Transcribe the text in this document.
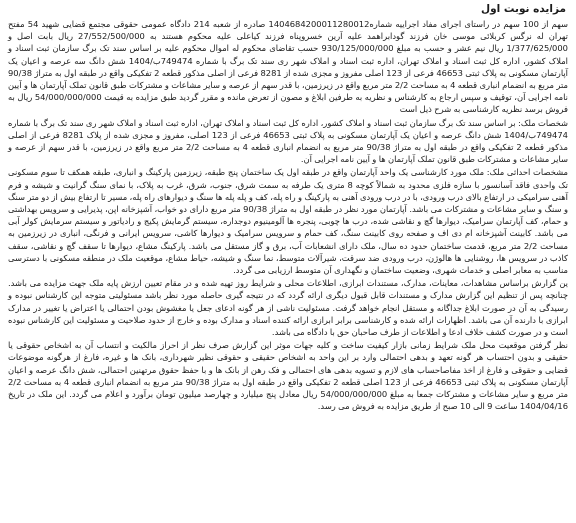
مزایده نوبت اول

سهم از 100 سهم در راستای اجرای مفاد اجراییه شماره1404684200011280012 صادره از شعبه 214 دادگاه عمومی حقوقی مجتمع قضایی شهید 54 مفتح تهران له نرگس کربلائی موسی خان فرزند گودابراهمد علیه آرین خسروپناه فرزند کیاعلی علیه محکوم هستند به 27/552/500/000 ریال بابت اصل و 1/377/625/000 ریال نیم عشر و حسب به مبلغ 930/125/000/000 حسب تقاضای محکوم له اموال محکوم علیه بر اساس سند تک برگ سازمان ثبت اسناد و املاک کشور، اداره کل ثبت اسناد و املاک تهران، اداره ثبت اسناد و املاک شهر ری سند تک برگ با شماره 749474ب/1404 شش دانگ سه عرصه و اعیان یک آپارتمان مسکونی به پلاک ثبتی 46653 فرعی از 123 اصلی مفروز و مجزی شده از 8281 فرعی از اصلی مذکور قطعه 2 تفکیکی واقع در طبقه اول به متراژ 90/38 متر مربع به انضمام انباری قطعه 4 به مساحت 2/2 متر مربع واقع در زیرزمین، با قدر سهم از عرصه و سایر مشاعات و مشترکات طبق قانون تملک آپارتمان ها و آیین نامه اجرایی آن، توقیف و سپس ارجاع به کارشناس و نظریه به طرفین ابلاغ و مصون از تعرض مانده و مقرر گردید طبق مزایده به قیمت 54/000/000/000 ریال به فروش برسد نظریه کارشناسی به شرح ذیل است

شخصات ملک: بر اساس سند تک برگ سازمان ثبت اسناد و املاک کشور، اداره کل ثبت اسناد و املاک تهران، اداره ثبت اسناد و املاک شهر ری سند تک برگ با شماره 749474ب/1404 شش دانگ عرصه و اعیان یک آپارتمان مسکونی به پلاک ثبتی 46653 فرعی از 123 اصلی، مفروز و مجزی شده از پلاک 8281 فرعی از اصلی مذکور قطعه 2 تفکیکی واقع در طبقه اول به متراژ 90/38 متر مربع به انضمام انباری قطعه 4 به مساحت 2/2 متر مربع واقع در زیرزمین، با قدر سهم از عرصه و سایر مشاعات و مشترکات طبق قانون تملک آپارتمان ها و آیین نامه اجرایی آن.

مشخصات احداثی ملک: ملک مورد کارشناسی یک واحد آپارتمان واقع در طبقه اول یک ساختمان پنج طبقه، زیرزمین پارکینگ و انباری، طبقه همکف تا سوم مسکونی تک واحدی فاقد آسانسور با سازه فلزی محدود به شمالاً کوچه 8 متری یک طرفه به سمت شرق، جنوب، شرق، غرب به پلاک، با نمای سنگ گرانیت و شیشه و فرم آهنی سرامیکی در ارتفاع بالای درب ورودی، با در درب ورودی آهنی به پارکینگ و راه پله، کف و پله پله ها سنگ و دیوارهای راه پله، مسیر تا ارتفاع بیش از دو متر سنگ و سنگ و سایر مشاعات و مشترکات می باشد. آپارتمان مورد نظر در طبقه اول به متراژ 90/38 متر مربع دارای دو خواب، آشپزخانه اپن، پذیرایی و سرویس بهداشتی و حمام، کف آپارتمان سرامیک، دیوارها گچ و نقاشی شده، درب ها چوبی، پنجره ها آلومینیوم دوجداره، سیستم گرمایش پکیج و رادیاتور و سیستم سرمایش کولر آبی می باشد. کابینت آشپزخانه ام دی اف و صفحه روی کابینت سنگ، کف حمام و سرویس سرامیک و دیوارها کاشی، سرویس ایرانی و فرنگی، انباری در زیرزمین به مساحت 2/2 متر مربع، قدمت ساختمان حدود ده سال، ملک دارای انشعابات آب، برق و گاز مستقل می باشد. پارکینگ مشاع، دیوارها تا سقف گچ و نقاشی، سقف کاذب در سرویس ها، روشنایی ها هالوژن، درب ورودی ضد سرقت، شیرآلات متوسط، نما سنگ و شیشه، حیاط مشاع، موقعیت ملک در منطقه مسکونی با دسترسی مناسب به معابر اصلی و خدمات شهری، وضعیت ساختمان و نگهداری آن متوسط ارزیابی می گردد.

ین گزارش براساس مشاهدات، معاینات، مدارک، مستندات ابرازی، اطلاعات محلی و شرایط روز تهیه شده و در مقام تعیین ارزش پایه ملک جهت مزایده می باشد. چنانچه پس از تنظیم این گزارش مدارک و مستندات قابل قبول دیگری ارائه گردد که در نتیجه گیری حاصله مورد نظر باشد مسئولیتی متوجه این کارشناس نبوده و رسیدگی به آن در صورت ابلاغ جداگانه و مستقل انجام خواهد گرفت. مسئولیت ناشی از هر گونه ادعای جعل یا مغشوش بودن احتمالی یا اعتراض یا تغییر در مدارک ابرازی با دارنده آن می باشد. اظهارات ارائه شده و کارشناسی برابر ابرازی ارائه کننده اسناد و مدارک بوده و خارج از حدود صلاحیت و مسئولیت این کارشناس نبوده است و در صورت کشف خلاف ادعا و اطلاعات از طرف صاحبان حق با دادگاه می باشد.

نظر گرفتن موقعیت محل ملک شرایط زمانی بازار کیفیت ساخت و کلیه جهات موثر این گزارش صرف نظر از احراز مالکیت و انتساب آن به اشخاص حقوقی یا حقیقی و بدون احتساب هر گونه تعهد و بدهی احتمالی وارد بر این واحد به اشخاص حقیقی و حقوقی نظیر شهرداری، بانک ها و غیره، فارغ از هرگونه موضوعات قضایی و حقوقی و فارغ از اخذ مفاصاحساب های لازم و تسویه بدهی های احتمالی و فک رهن از بانک ها و با حفظ حقوق مرتهنین احتمالی، شش دانگ عرصه و اعیان آپارتمان مسکونی به پلاک ثبتی 46653 فرعی از 123 اصلی قطعه 2 تفکیکی واقع در طبقه اول به متراژ 90/38 متر مربع به انضمام انباری قطعه 4 به مساحت 2/2 متر مربع و سایر مشاعات و مشترکات جمعا به مبلغ 54/000/000/000 ریال معادل پنج میلیارد و چهارصد میلیون تومان برآورد و اعلام می گردد. این ملک در تاریخ 1404/04/16 ساعت 9 الی 10 صبح از طریق مزایده به فروش می رسد.
